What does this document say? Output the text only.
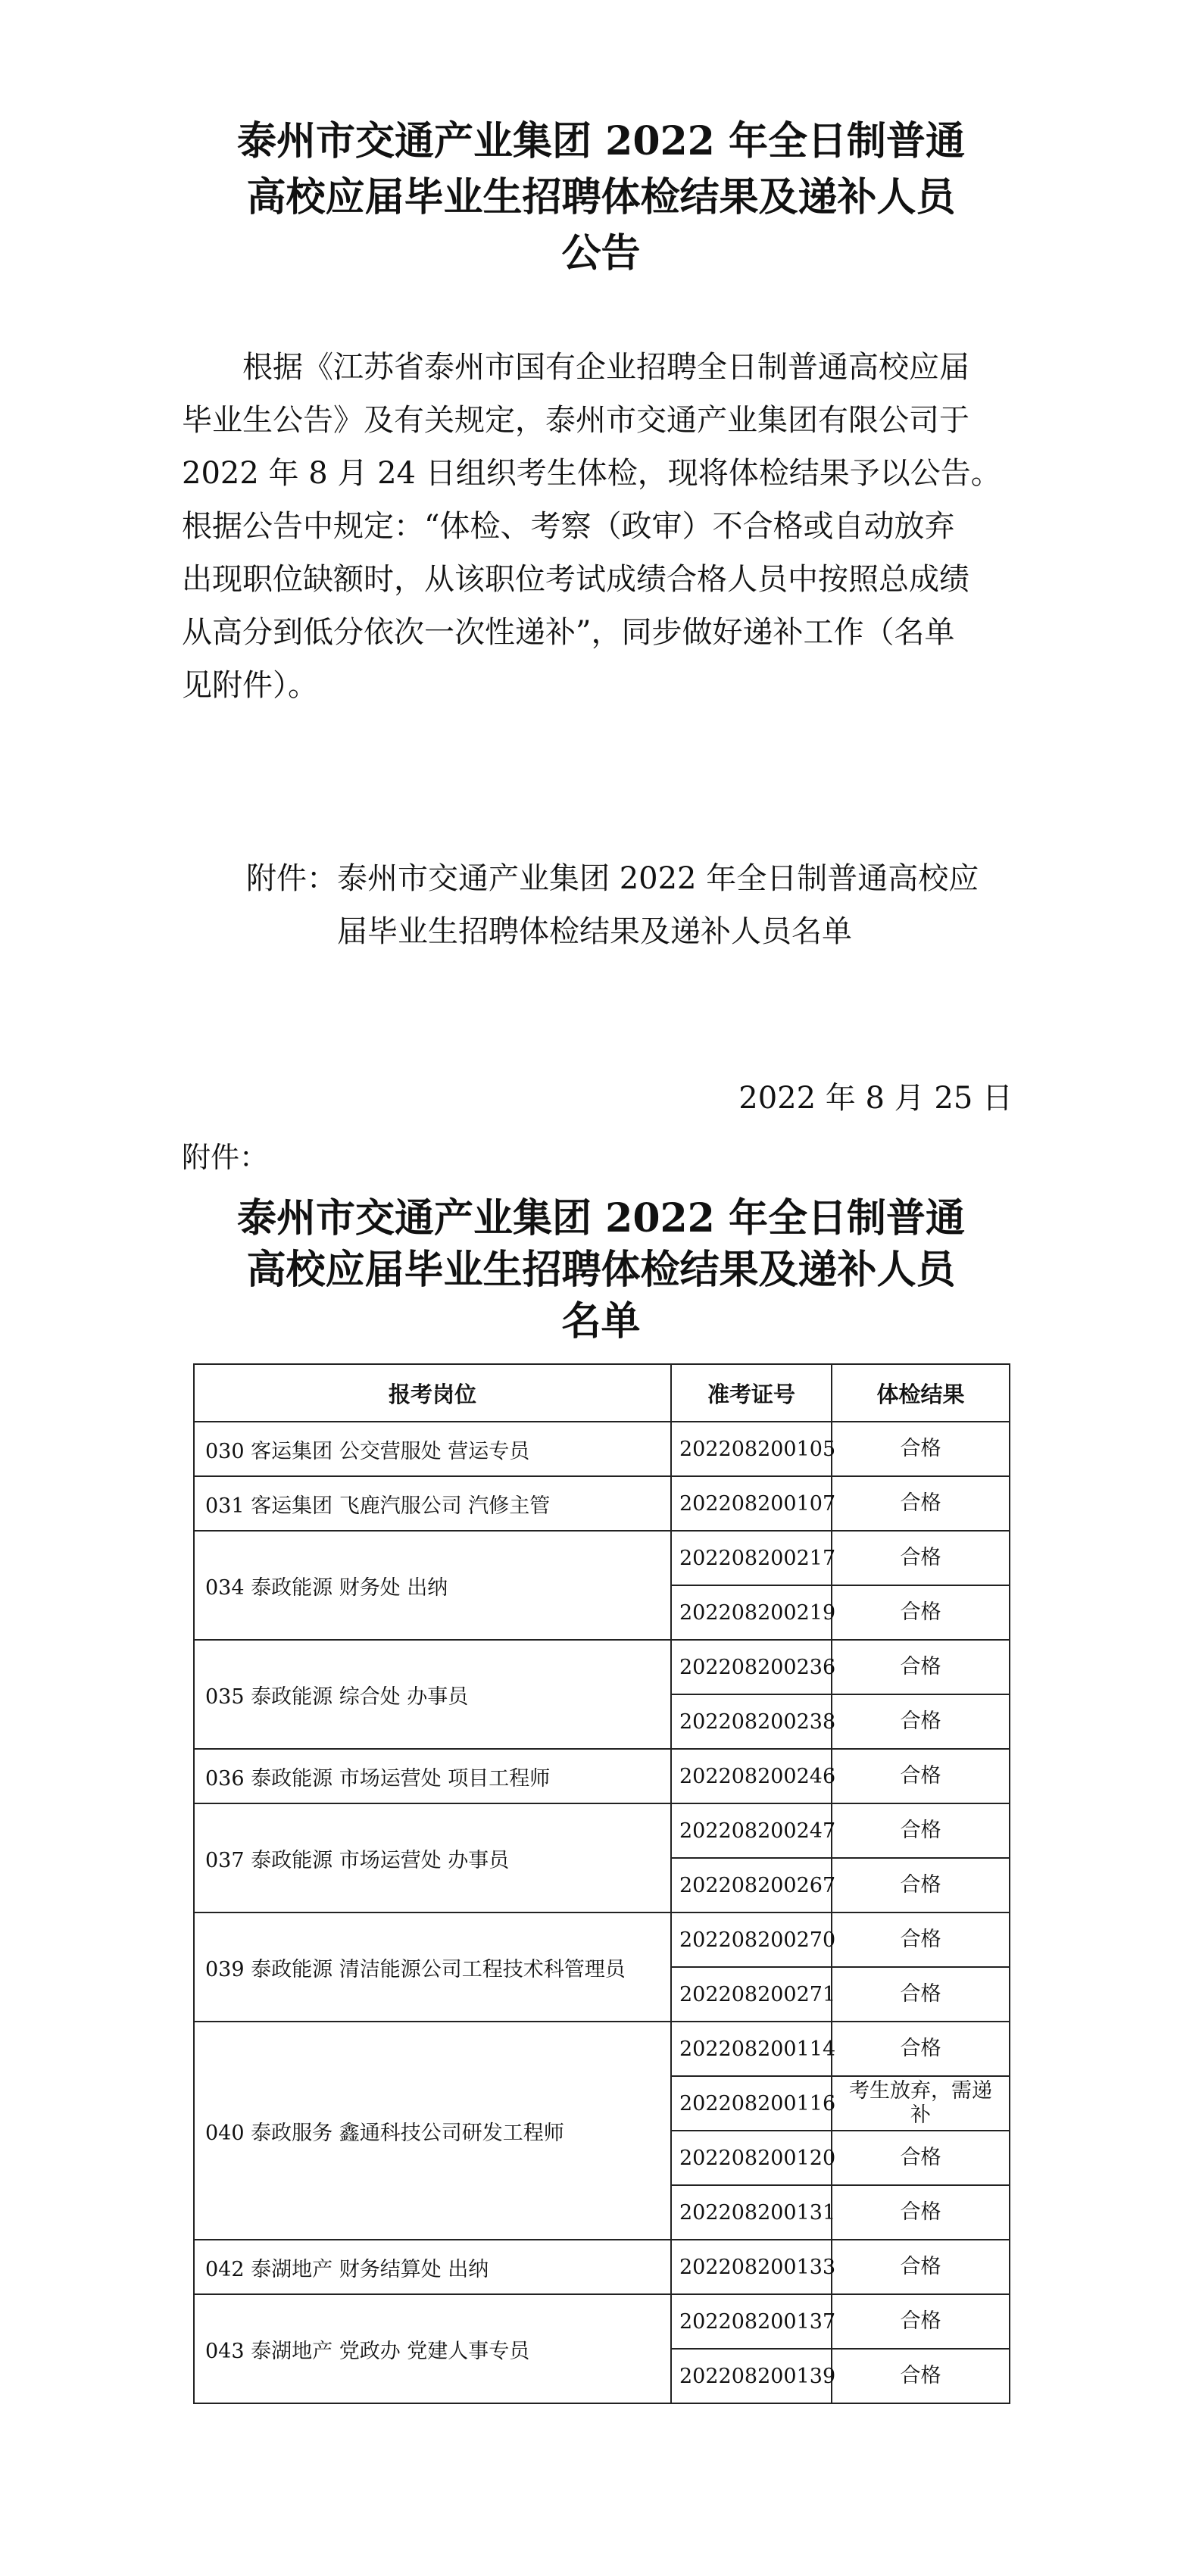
泰州市交通产业集团 2022 年全日制普通
高校应届毕业生招聘体检结果及递补人员
公告
根据《江苏省泰州市国有企业招聘全日制普通高校应届
毕业生公告》及有关规定，泰州市交通产业集团有限公司于
2022 年 8 月 24 日组织考生体检，现将体检结果予以公告。
根据公告中规定：“体检、考察（政审）不合格或自动放弃
出现职位缺额时，从该职位考试成绩合格人员中按照总成绩
从高分到低分依次一次性递补”，同步做好递补工作（名单
见附件）。
附件：泰州市交通产业集团 2022 年全日制普通高校应
届毕业生招聘体检结果及递补人员名单
2022 年 8 月 25 日
附件：
泰州市交通产业集团 2022 年全日制普通
高校应届毕业生招聘体检结果及递补人员
名单
报考岗位	准考证号	体检结果
030 客运集团 公交营服处 营运专员	202208200105	合格
031 客运集团 飞鹿汽服公司 汽修主管	202208200107	合格
034 泰政能源 财务处 出纳	202208200217	合格
	202208200219	合格
035 泰政能源 综合处 办事员	202208200236	合格
	202208200238	合格
036 泰政能源 市场运营处 项目工程师	202208200246	合格
037 泰政能源 市场运营处 办事员	202208200247	合格
	202208200267	合格
039 泰政能源 清洁能源公司工程技术科管理员	202208200270	合格
	202208200271	合格
040 泰政服务 鑫通科技公司研发工程师	202208200114	合格
	202208200116	考生放弃，需递补
	202208200120	合格
	202208200131	合格
042 泰湖地产 财务结算处 出纳	202208200133	合格
043 泰湖地产 党政办 党建人事专员	202208200137	合格
	202208200139	合格
